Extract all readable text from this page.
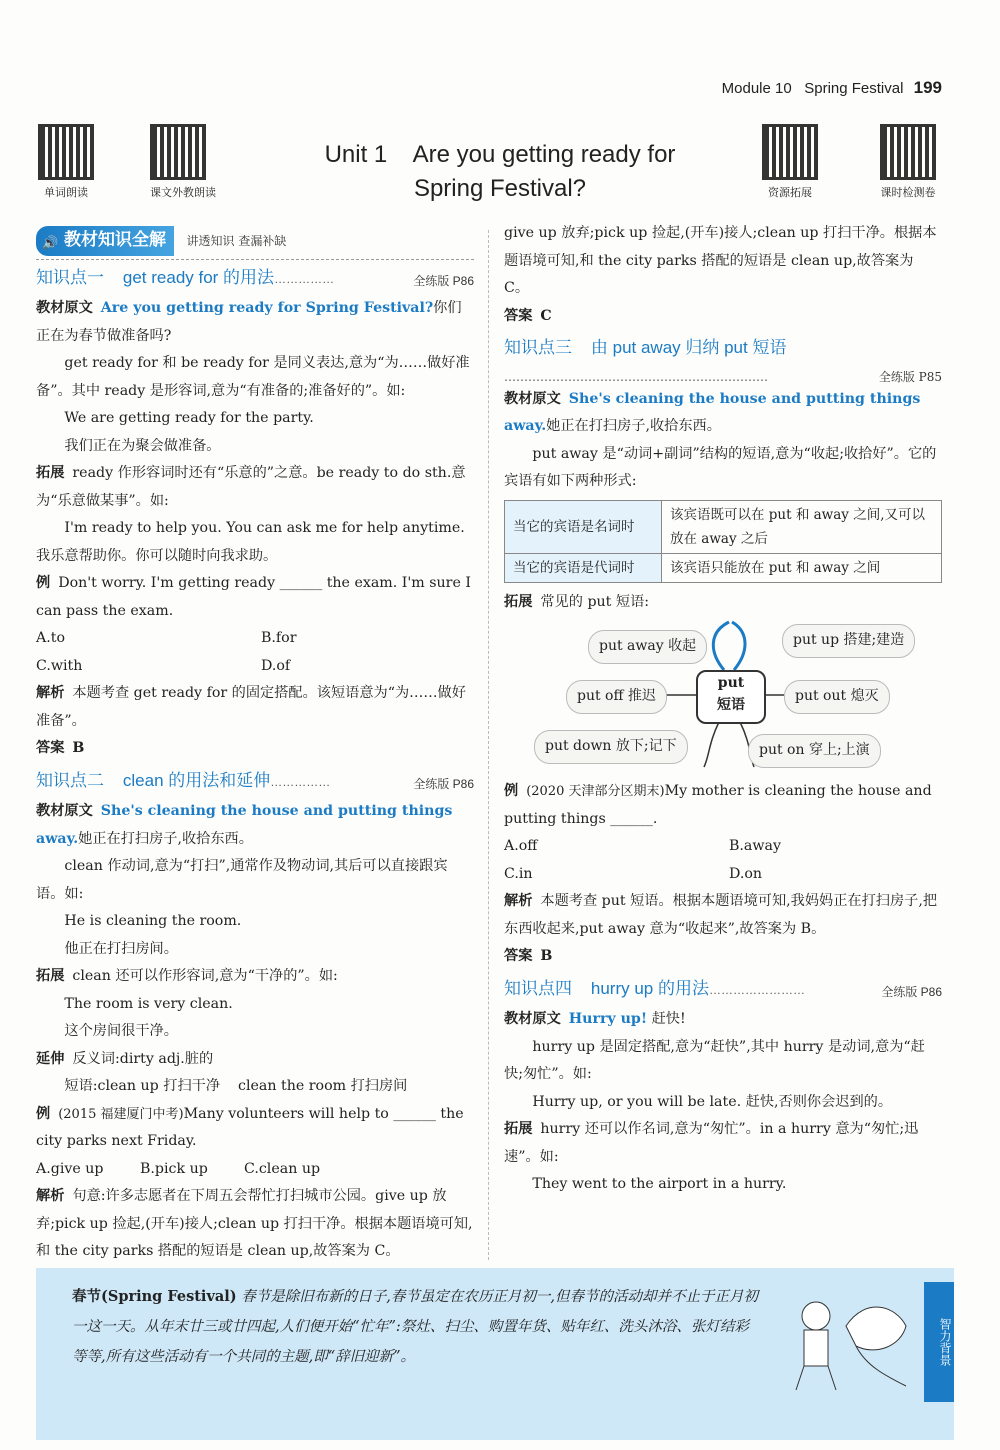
Module 10 Spring Festival 199
单词朗读	课文外教朗读	资源拓展	课时检测卷
Unit 1    Are you getting ready for
Spring Festival?
🔊 教材知识全解 讲透知识 查漏补缺
知识点一    get ready for 的用法……………	全练版 P86

教材原文 Are you getting ready for Spring Festival?你们正在为春节做准备吗?

get ready for 和 be ready for 是同义表达,意为“为……做好准备”。其中 ready 是形容词,意为“有准备的;准备好的”。如:

We are getting ready for the party.

我们正在为聚会做准备。

拓展 ready 作形容词时还有“乐意的”之意。be ready to do sth.意为“乐意做某事”。如:

I'm ready to help you. You can ask me for help anytime.

我乐意帮助你。你可以随时向我求助。

例 Don't worry. I'm getting ready ______ the exam. I'm sure I can pass the exam.

A.to	B.for
C.with	D.of

解析 本题考查 get ready for 的固定搭配。该短语意为“为……做好准备”。

答案 B

知识点二    clean 的用法和延伸……………	全练版 P86

教材原文 She's cleaning the house and putting things away.她正在打扫房子,收拾东西。

clean 作动词,意为“打扫”,通常作及物动词,其后可以直接跟宾语。如:

He is cleaning the room.

他正在打扫房间。

拓展 clean 还可以作形容词,意为“干净的”。如:

The room is very clean.

这个房间很干净。

延伸 反义词:dirty adj.脏的

短语:clean up 打扫干净    clean the room 打扫房间

例 (2015 福建厦门中考)Many volunteers will help to ______ the city parks next Friday.

A.give up	B.pick up	C.clean up

解析 句意:许多志愿者在下周五会帮忙打扫城市公园。give up 放弃;pick up 捡起,(开车)接人;clean up 打扫干净。根据本题语境可知,和 the city parks 搭配的短语是 clean up,故答案为 C。

give up 放弃;pick up 捡起,(开车)接人;clean up 打扫干净。根据本题语境可知,和 the city parks 搭配的短语是 clean up,故答案为 C。

答案 C

知识点三    由 put away 归纳 put 短语
…………………………………………………………	全练版 P85

教材原文 She's cleaning the house and putting things away.她正在打扫房子,收拾东西。

put away 是“动词+副词”结构的短语,意为“收起;收拾好”。它的宾语有如下两种形式:

当它的宾语是名词时	该宾语既可以在 put 和 away 之间,又可以放在 away 之后
当它的宾语是代词时	该宾语只能放在 put 和 away 之间

拓展 常见的 put 短语:

put away 收起	put up 搭建;建造
put off 推迟	put out 熄灭
put down 放下;记下	put on 穿上;上演
put
短语

例 (2020 天津部分区期末)My mother is cleaning the house and putting things ______.

A.off	B.away
C.in	D.on

解析 本题考查 put 短语。根据本题语境可知,我妈妈正在打扫房子,把东西收起来,put away 意为“收起来”,故答案为 B。

答案 B

知识点四    hurry up 的用法……………………	全练版 P86

教材原文 Hurry up! 赶快!

hurry up 是固定搭配,意为“赶快”,其中 hurry 是动词,意为“赶快;匆忙”。如:

Hurry up, or you will be late. 赶快,否则你会迟到的。

拓展 hurry 还可以作名词,意为“匆忙”。in a hurry 意为“匆忙;迅速”。如:

They went to the airport in a hurry.

春节(Spring Festival) 春节是除旧布新的日子,春节虽定在农历正月初一,但春节的活动却并不止于正月初一这一天。从年末廿三或廿四起,人们便开始“忙年”:祭灶、扫尘、购置年货、贴年红、洗头沐浴、张灯结彩等等,所有这些活动有一个共同的主题,即“辞旧迎新”。	智力背景
